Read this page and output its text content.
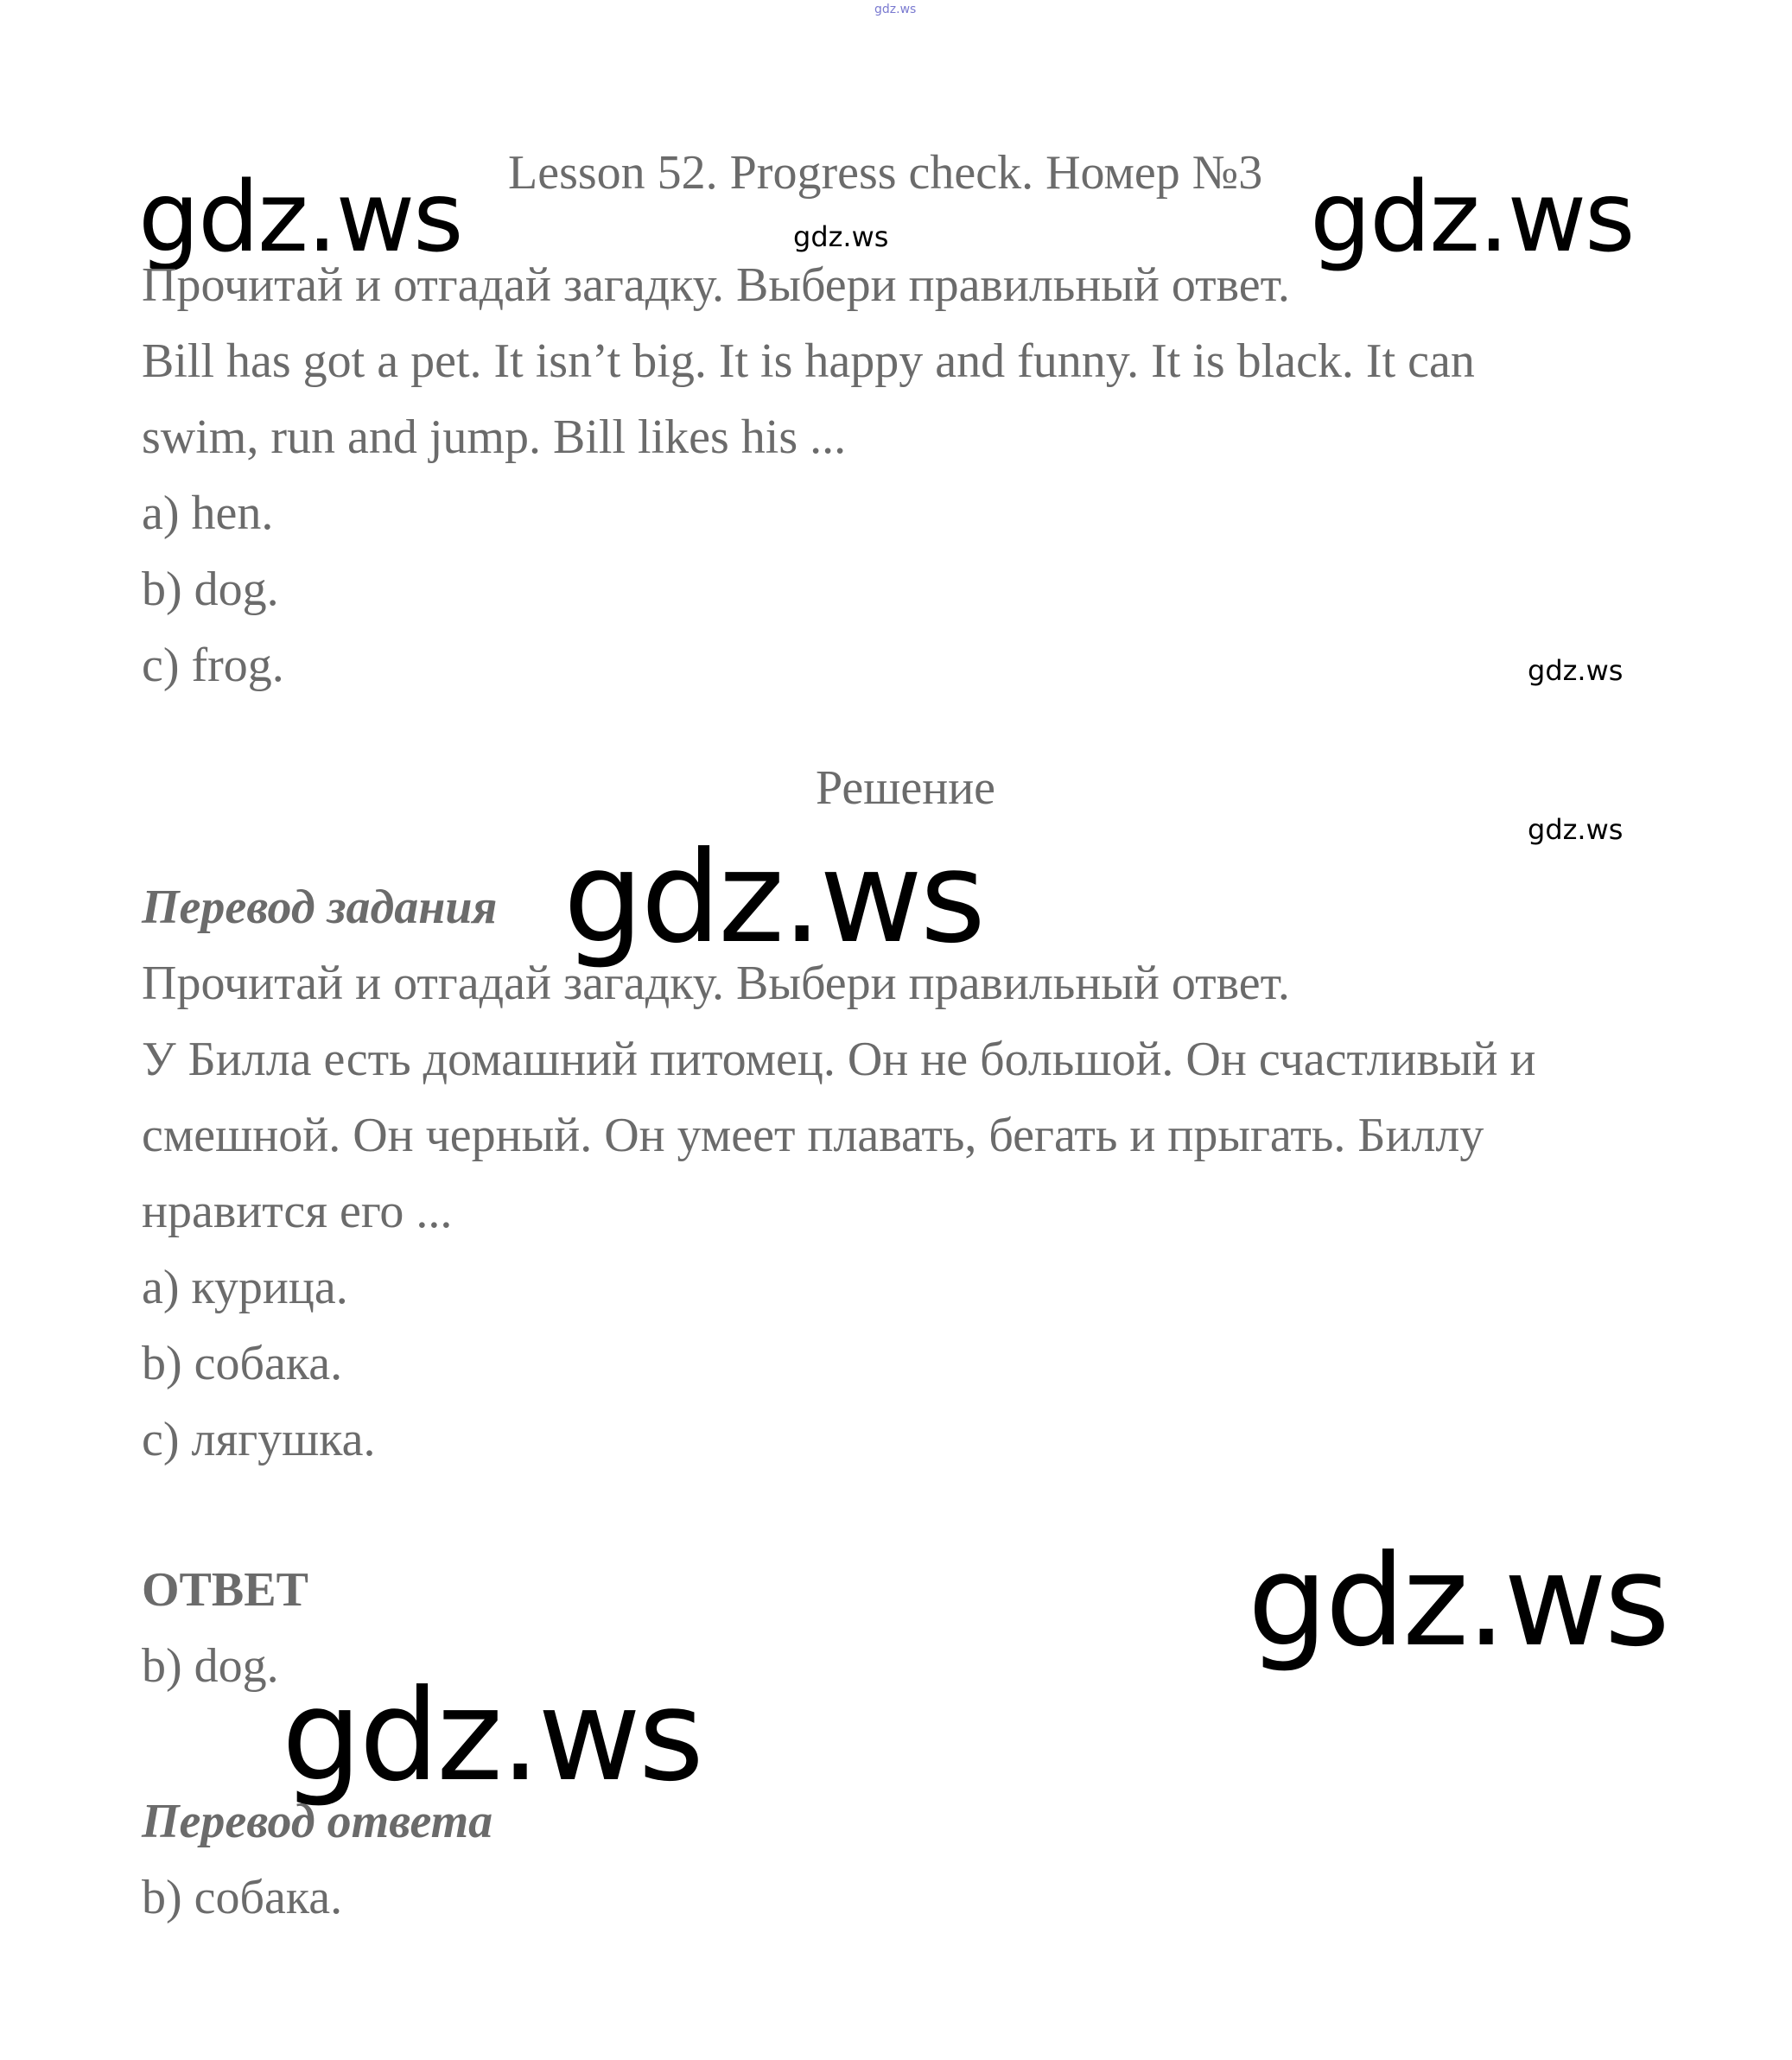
gdz.ws
Lesson 52. Progress check. Номер №3
gdz.ws	gdz.ws
gdz.ws
Прочитай и отгадай загадку. Выбери правильный ответ.
Bill has got a pet. It isn’t big. It is happy and funny. It is black. It can
swim, run and jump. Bill likes his ...
a) hen.
b) dog.
c) frog.	gdz.ws
Решение
gdz.ws
Перевод задания gdz.ws
Прочитай и отгадай загадку. Выбери правильный ответ.
У Билла есть домашний питомец. Он не большой. Он счастливый и
смешной. Он черный. Он умеет плавать, бегать и прыгать. Биллу
нравится его ...
а) курица.
b) собака.
c) лягушка.
ОТВЕТ	gdz.ws
b) dog. gdz.ws
Перевод ответа
b) собака.
